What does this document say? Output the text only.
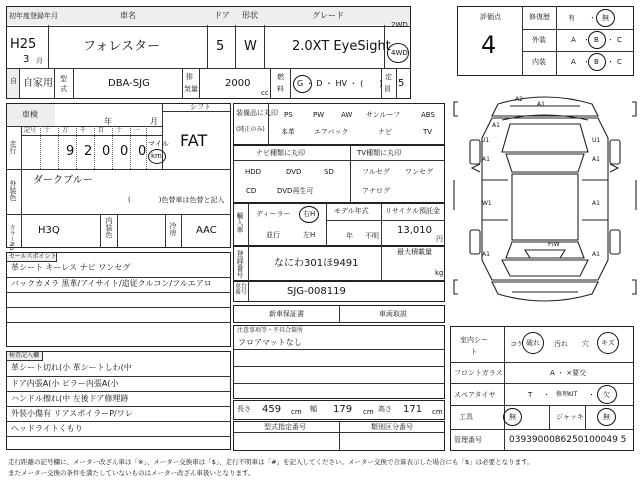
初年度登録年月	車名	ドア 形状	グレード
H25
3 月
フォレスター	5 W	2.0XT EyeSight
2WD
4WD
自 自家用 型
式	DBA-SJG
排
気量	2000
cc
燃
料
G ・ D ・ HV ・ (　　)
定
員 5
車検
年	月
シフト
FAT
走行
記号 十 万 千 百 十 一
9 2 0 0 0 マイル
km
外装色 ダークブルー
(　　　　)色替車は色替と記入
カラーNo. H3Q	内装色	冷房 AAC
セールスポイント
革シート キーレス ナビ ワンセグ
バックカメラ 黒革/アイサイト/追従クルコン/フルエアロ
検査記入欄
革シート切れ(小 革シートしわ(中
ドア内張A(小 ピラー内張A(小
ハンドル擦れ(中 左後ドア修理跡
外装小傷有 リアスポイラーP/ワレ
ヘッドライトくもり
装備品に丸印
(純正のみ)
PS	PW AW サンルーフ	ABS
本革	エアバック	ナビ	TV
ナビ種類に丸印	TV種類に丸印
HDD	DVD	SD
CD	DVD再生可
フルセグ ワンセグ
アナログ
輸入車 ディーラー 右H
並行	左H
モデル年式
年 不明
リサイクル預託金
13,010
円
登録番号	なにわ301ほ9491
最大積載量
kg
車台番号	SJG-008119
新車保証書	車両取説
注意事項等・不具合箇所
フロアマットなし
長さ 459 cm 幅 179 cm 高さ 171 cm
型式指定番号	類別区分番号
評価点
4
修復歴	有 ・ 無
外装	A ・ B ・ C
内装	A ・ B ・ C
A2
A1
A1
U1	U1
A1	A1
W1	A1
P/W
A1	A1
室内シート
コゲ 破れ 汚れ 穴 キズ
フロントガラス	A ・ ×要交
スペアタイヤ	T ・ 修理KIT ・ 欠
工具	無	ジャッキ	無
管理番号	0393900086250100049 5
走行距離の記号欄に、メーター改ざん車は「※」、メーター交換車は「$」、走行不明車は「#」を記入してください。メーター交換で合算表示した場合にも「$」は必要となります。
またメーター交換の条件を満たしていないものはメーター改ざん車扱いとなります。
